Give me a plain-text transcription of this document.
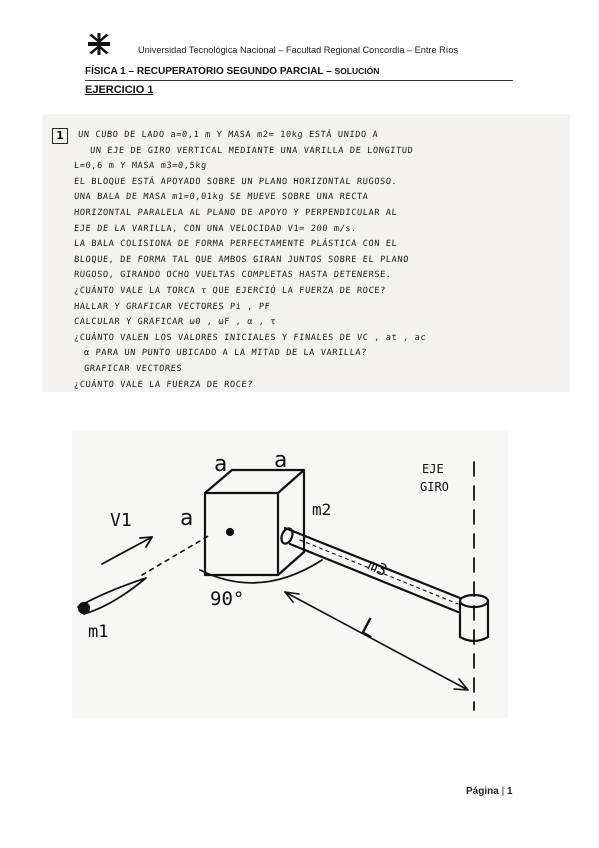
Universidad Tecnológica Nacional – Facultad Regional Concordia – Entre Ríos
FÍSICA 1 – RECUPERATORIO SEGUNDO PARCIAL – SOLUCIÓN
EJERCICIO 1
1	UN CUBO DE LADO a=0,1 m Y MASA m2= 10kg ESTÁ UNIDO A
UN EJE DE GIRO VERTICAL MEDIANTE UNA VARILLA DE LONGITUD
L=0,6 m Y MASA m3=0,5kg
EL BLOQUE ESTÁ APOYADO SOBRE UN PLANO HORIZONTAL RUGOSO.
UNA BALA DE MASA m1=0,01kg SE MUEVE SOBRE UNA RECTA
HORIZONTAL PARALELA AL PLANO DE APOYO Y PERPENDICULAR AL
EJE DE LA VARILLA, CON UNA VELOCIDAD V1= 200 m/s.
LA BALA COLISIONA DE FORMA PERFECTAMENTE PLÁSTICA CON EL
BLOQUE, DE FORMA TAL QUE AMBOS GIRAN JUNTOS SOBRE EL PLANO
RUGOSO, GIRANDO OCHO VUELTAS COMPLETAS HASTA DETENERSE.
¿CUÁNTO VALE LA TORCA τ QUE EJERCIÓ LA FUERZA DE ROCE?
HALLAR Y GRAFICAR VECTORES Pi , PF
CALCULAR Y GRAFICAR ω0 , ωF , α , τ
¿CUÁNTO VALEN LOS VALORES INICIALES Y FINALES DE VC , at , ac
α PARA UN PUNTO UBICADO A LA MITAD DE LA VARILLA?
GRAFICAR VECTORES
¿CUÁNTO VALE LA FUERZA DE ROCE?
a a
a	m2
m3
m1
V1
90°
L
EJE
GIRO
Página | 1
